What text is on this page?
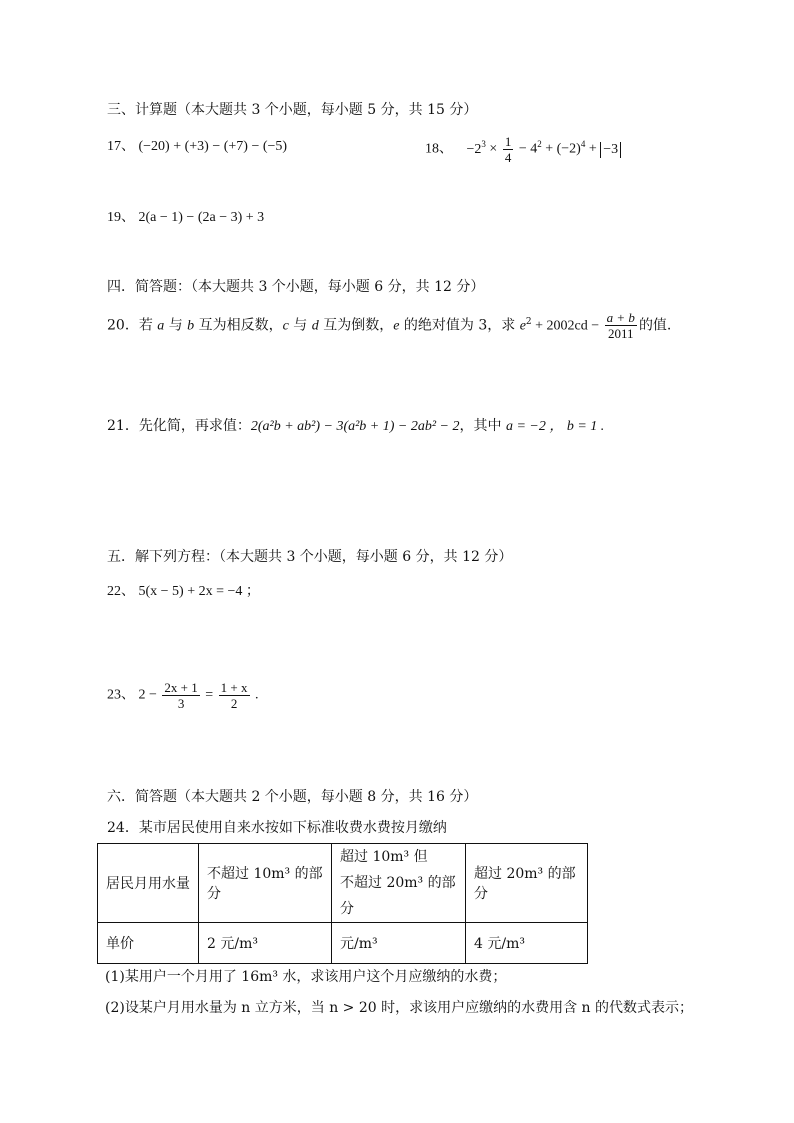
三、计算题（本大题共 3 个小题，每小题 5 分，共 15 分）
17、 (−20) + (+3) − (+7) − (−5)	18、 $-2^3 \times \frac{1}{4} - 4^2 + (-2)^4 + -3$
19、 2(a − 1) − (2a − 3) + 3
四．简答题：（本大题共 3 个小题，每小题 6 分，共 12 分）
20．若 a 与 b 互为相反数，c 与 d 互为倒数，e 的绝对值为 3，求 $e^2 + 2002cd - \frac{a + b}{2011}$ 的值.
21．先化简，再求值：2(a²b + ab²) − 3(a²b + 1) − 2ab² − 2，其中 a = −2 ， b = 1 .
五．解下列方程：（本大题共 3 个小题，每小题 6 分，共 12 分）
22、 5(x − 5) + 2x = −4 ；
23、 $2 - \frac{2x + 1}{3} = \frac{1 + x}{2}$ .
六．简答题（本大题共 2 个小题，每小题 8 分，共 16 分）
24．某市居民使用自来水按如下标准收费水费按月缴纳
居民月用水量	不超过 10m³ 的部分	超过 10m³ 但
不超过 20m³ 的部分	超过 20m³ 的部分
单价	2 元/m³	元/m³	4 元/m³
(1)某用户一个月用了 16m³ 水，求该用户这个月应缴纳的水费；
(2)设某户月用水量为 n 立方米，当 n > 20 时，求该用户应缴纳的水费用含 n 的代数式表示；
